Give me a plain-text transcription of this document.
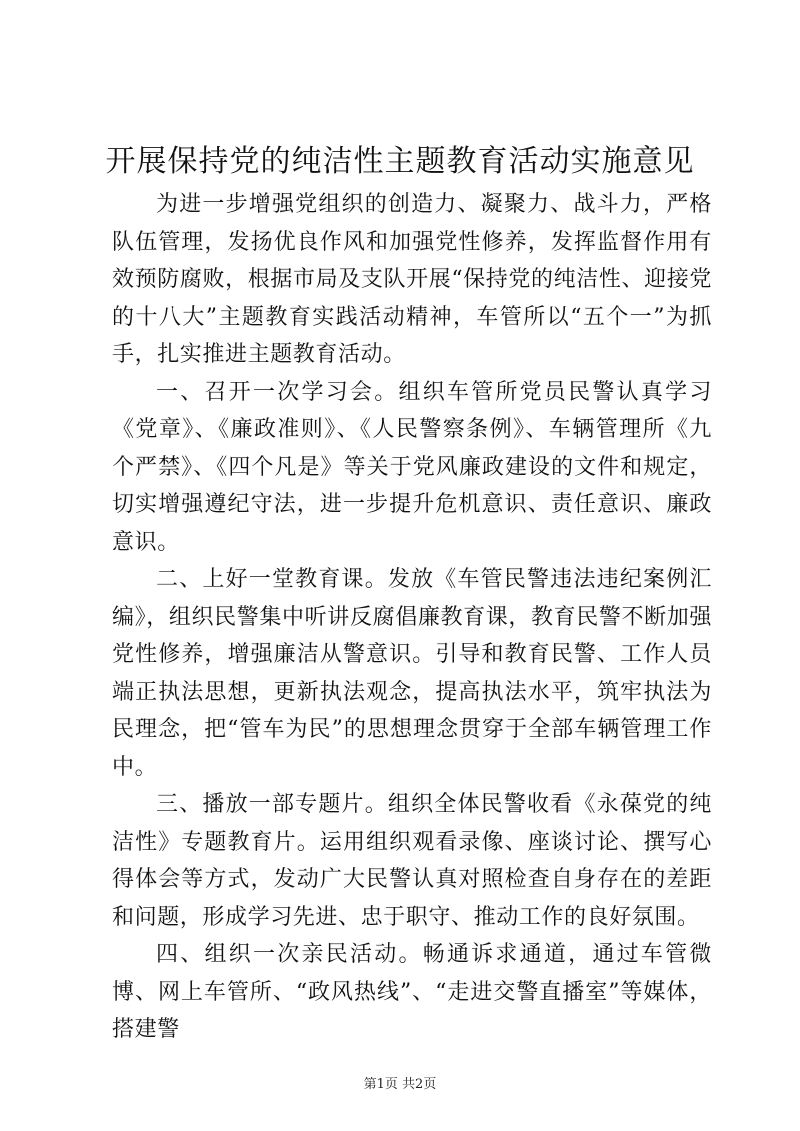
开展保持党的纯洁性主题教育活动实施意见

为进一步增强党组织的创造力、凝聚力、战斗力，严格队伍管理，发扬优良作风和加强党性修养，发挥监督作用有效预防腐败，根据市局及支队开展“保持党的纯洁性、迎接党的十八大”主题教育实践活动精神，车管所以“五个一”为抓手，扎实推进主题教育活动。

一、召开一次学习会。组织车管所党员民警认真学习《党章》、《廉政准则》、《人民警察条例》、车辆管理所《九个严禁》、《四个凡是》等关于党风廉政建设的文件和规定，切实增强遵纪守法，进一步提升危机意识、责任意识、廉政意识。

二、上好一堂教育课。发放《车管民警违法违纪案例汇编》，组织民警集中听讲反腐倡廉教育课，教育民警不断加强党性修养，增强廉洁从警意识。引导和教育民警、工作人员端正执法思想，更新执法观念，提高执法水平，筑牢执法为民理念，把“管车为民”的思想理念贯穿于全部车辆管理工作中。

三、播放一部专题片。组织全体民警收看《永葆党的纯洁性》专题教育片。运用组织观看录像、座谈讨论、撰写心得体会等方式，发动广大民警认真对照检查自身存在的差距和问题，形成学习先进、忠于职守、推动工作的良好氛围。

四、组织一次亲民活动。畅通诉求通道，通过车管微博、网上车管所、“政风热线”、“走进交警直播室”等媒体，搭建警

第1页 共2页
